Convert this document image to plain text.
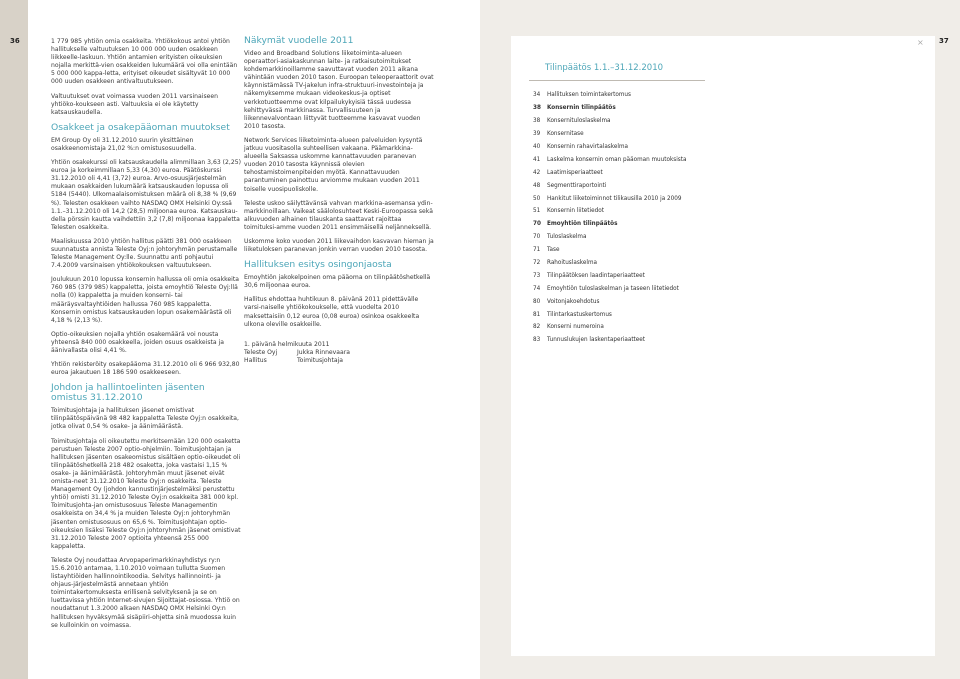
36	1 779 985 yhtiön omia osakkeita. Yhtiökokous antoi yhtiön hallitukselle valtuutuksen 10 000 000 uuden osakkeen liikkeelle-laskuun. Yhtiön antamien erityisten oikeuksien nojalla merkittä-vien osakkeiden lukumäärä voi olla enintään 5 000 000 kappa-letta, erityiset oikeudet sisältyvät 10 000 000 uuden osakkeen antivaltuutukseen.

Valtuutukset ovat voimassa vuoden 2011 varsinaiseen yhtiöko-koukseen asti. Valtuuksia ei ole käytetty katsauskaudella.

Osakkeet ja osakepääoman muutokset

EM Group Oy oli 31.12.2010 suurin yksittäinen osakkeenomistaja 21,02 %:n omistusosuudella.

Yhtiön osakekurssi oli katsauskaudella alimmillaan 3,63 (2,25) euroa ja korkeimmillaan 5,33 (4,30) euroa. Päätöskurssi 31.12.2010 oli 4,41 (3,72) euroa. Arvo-osuusjärjestelmän mukaan osakkaiden lukumäärä katsauskauden lopussa oli 5184 (5440). Ulkomaalaisomistuksen määrä oli 8,38 % (9,69 %). Telesten osakkeen vaihto NASDAQ OMX Helsinki Oy:ssä 1.1.–31.12.2010 oli 14,2 (28,5) miljoonaa euroa. Katsauskau-della pörssin kautta vaihdettiin 3,2 (7,8) miljoonaa kappaletta Telesten osakkeita.

Maaliskuussa 2010 yhtiön hallitus päätti 381 000 osakkeen suunnatusta annista Teleste Oyj:n johtoryhmän perustamalle Teleste Management Oy:lle. Suunnattu anti pohjautui 7.4.2009 varsinaisen yhtiökokouksen valtuutukseen.

Joulukuun 2010 lopussa konsernin hallussa oli omia osakkeita 760 985 (379 985) kappaletta, joista emoyhtiö Teleste Oyj:llä nolla (0) kappaletta ja muiden konserni- tai määräysvaltayhtiöiden hallussa 760 985 kappaletta. Konsernin omistus katsauskauden lopun osakemäärästä oli 4,18 % (2,13 %).

Optio-oikeuksien nojalla yhtiön osakemäärä voi nousta yhteensä 840 000 osakkeella, joiden osuus osakkeista ja äänivallasta olisi 4,41 %.

Yhtiön rekisteröity osakepääoma 31.12.2010 oli 6 966 932,80 euroa jakautuen 18 186 590 osakkeeseen.

Johdon ja hallintoelinten jäsenten omistus 31.12.2010

Toimitusjohtaja ja hallituksen jäsenet omistivat tilinpäätöspäivänä 98 482 kappaletta Teleste Oyj:n osakkeita, jotka olivat 0,54 % osake- ja äänimäärästä.

Toimitusjohtaja oli oikeutettu merkitsemään 120 000 osaketta perustuen Teleste 2007 optio-ohjelmiin. Toimitusjohtajan ja hallituksen jäsenten osakeomistus sisältäen optio-oikeudet oli tilinpäätöshetkellä 218 482 osaketta, joka vastaisi 1,15 % osake- ja äänimäärästä. Johtoryhmän muut jäsenet eivät omista-neet 31.12.2010 Teleste Oyj:n osakkeita. Teleste Management Oy (johdon kannustinjärjestelmäksi perustettu yhtiö) omisti 31.12.2010 Teleste Oyj:n osakkeita 381 000 kpl. Toimitusjohta-jan omistusosuus Teleste Managementin osakkeista on 34,4 % ja muiden Teleste Oyj:n johtoryhmän jäsenten omistusosuus on 65,6 %. Toimitusjohtajan optio-oikeuksien lisäksi Teleste Oyj:n johtoryhmän jäsenet omistivat 31.12.2010 Teleste 2007 optioita yhteensä 255 000 kappaletta.

Teleste Oyj noudattaa Arvopaperimarkkinayhdistys ry:n 15.6.2010 antamaa, 1.10.2010 voimaan tullutta Suomen listayhtiöiden hallinnointikoodia. Selvitys hallinnointi- ja ohjaus-järjestelmästä annetaan yhtiön toimintakertomuksesta erillisenä selvityksenä ja se on luettavissa yhtiön Internet-sivujen Sijoittajat-osiossa. Yhtiö on noudattanut 1.3.2000 alkaen NASDAQ OMX Helsinki Oy:n hallituksen hyväksymää sisäpiiri-ohjetta sinä muodossa kuin se kulloinkin on voimassa.

Näkymät vuodelle 2011

Video and Broadband Solutions liiketoiminta-alueen operaattori-asiakaskunnan laite- ja ratkaisutoimitukset kohdemarkkinoillamme saavuttavat vuoden 2011 aikana vähintään vuoden 2010 tason. Euroopan teleoperaattorit ovat käynnistämässä TV-jakelun infra-struktuuri-investointeja ja näkemyksemme mukaan videokeskus-ja optiset verkkotuotteemme ovat kilpailukykyisiä tässä uudessa kehittyvässä markkinassa. Turvallisuuteen ja liikennevalvontaan liittyvät tuotteemme kasvavat vuoden 2010 tasosta.

Network Services liiketoiminta-alueen palveluiden kysyntä jatkuu vuositasolla suhteellisen vakaana. Päämarkkina-alueella Saksassa uskomme kannattavuuden paranevan vuoden 2010 tasosta käynnissä olevien tehostamistoimenpiteiden myötä. Kannattavuuden parantuminen painottuu arviomme mukaan vuoden 2011 toiselle vuosipuoliskolle.

Teleste uskoo säilyttävänsä vahvan markkina-asemansa ydin-markkinoillaan. Vaikeat säälolosuhteet Keski-Euroopassa sekä alkuvuoden alhainen tilauskanta saattavat rajoittaa toimituksi-amme vuoden 2011 ensimmäisellä neljänneksellä.

Uskomme koko vuoden 2011 liikevaihdon kasvavan hieman ja liiketuloksen paranevan jonkin verran vuoden 2010 tasosta.

Hallituksen esitys osingonjaosta

Emoyhtiön jakokelpoinen oma pääoma on tilinpäätöshetkellä 30,6 miljoonaa euroa.

Hallitus ehdottaa huhtikuun 8. päivänä 2011 pidettävälle varsi-naiselle yhtiökokoukselle, että vuodelta 2010 maksettaisiin 0,12 euroa (0,08 euroa) osinkoa osakkeelta ulkona oleville osakkeille.

1. päivänä helmikuuta 2011

Teleste Oyj
Hallitus
Jukka Rinnevaara
Toimitusjohtaja
37
×
Tilinpäätös 1.1.–31.12.2010
34	Hallituksen toimintakertomus
38	Konsernin tilinpäätös
38	Konsernituloslaskelma
39	Konsernitase
40	Konsernin rahavirtalaskelma
41	Laskelma konsernin oman pääoman muutoksista
42	Laatimisperiaatteet
48	Segmenttiraportointi
50	Hankitut liiketoiminnot tilikausilla 2010 ja 2009
51	Konsernin liitetiedot
70	Emoyhtiön tilinpäätös
70	Tuloslaskelma
71	Tase
72	Rahoituslaskelma
73	Tilinpäätöksen laadintaperiaatteet
74	Emoyhtiön tuloslaskelman ja taseen liitetiedot
80	Voitonjakoehdotus
81	Tilintarkastuskertomus
82	Konserni numeroina
83	Tunnuslukujen laskentaperiaatteet
